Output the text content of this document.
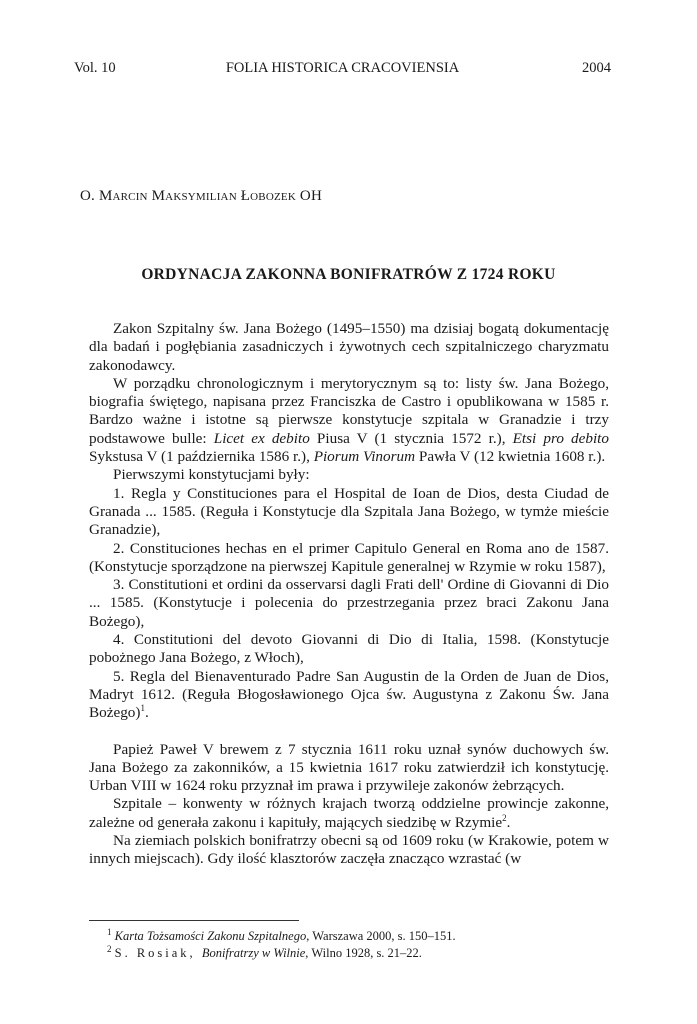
Vol. 10	FOLIA HISTORICA CRACOVIENSIA	2004
O. Marcin Maksymilian Łobozek OH
ORDYNACJA ZAKONNA BONIFRATRÓW Z 1724 ROKU

Zakon Szpitalny św. Jana Bożego (1495–1550) ma dzisiaj bogatą dokumentację dla badań i pogłębiania zasadniczych i żywotnych cech szpitalniczego charyzmatu zakonodawcy.

W porządku chronologicznym i merytorycznym są to: listy św. Jana Bożego, biografia świętego, napisana przez Franciszka de Castro i opublikowana w 1585 r. Bardzo ważne i istotne są pierwsze konstytucje szpitala w Granadzie i trzy podstawowe bulle: Licet ex debito Piusa V (1 stycznia 1572 r.), Etsi pro debito Sykstusa V (1 października 1586 r.), Piorum Vinorum Pawła V (12 kwietnia 1608 r.).

Pierwszymi konstytucjami były:

1. Regla y Constituciones para el Hospital de Ioan de Dios, desta Ciudad de Granada ... 1585. (Reguła i Konstytucje dla Szpitala Jana Bożego, w tymże mieście Granadzie),

2. Constituciones hechas en el primer Capitulo General en Roma ano de 1587. (Konstytucje sporządzone na pierwszej Kapitule generalnej w Rzymie w roku 1587),

3. Constitutioni et ordini da osservarsi dagli Frati dell' Ordine di Giovanni di Dio ... 1585. (Konstytucje i polecenia do przestrzegania przez braci Zakonu Jana Bożego),

4. Constitutioni del devoto Giovanni di Dio di Italia, 1598. (Konstytucje pobożnego Jana Bożego, z Włoch),

5. Regla del Bienaventurado Padre San Augustin de la Orden de Juan de Dios, Madryt 1612. (Reguła Błogosławionego Ojca św. Augustyna z Zakonu Św. Jana Bożego)$^1$.

Papież Paweł V brewem z 7 stycznia 1611 roku uznał synów duchowych św. Jana Bożego za zakonników, a 15 kwietnia 1617 roku zatwierdził ich konstytucję. Urban VIII w 1624 roku przyznał im prawa i przywileje zakonów żebrzących.

Szpitale – konwenty w różnych krajach tworzą oddzielne prowincje zakonne, zależne od generała zakonu i kapituły, mających siedzibę w Rzymie$^2$.

Na ziemiach polskich bonifratrzy obecni są od 1609 roku (w Krakowie, potem w innych miejscach). Gdy ilość klasztorów zaczęła znacząco wzrastać (w

$^1$ Karta Tożsamości Zakonu Szpitalnego, Warszawa 2000, s. 150–151.
$^2$ S. Rosiak, Bonifratrzy w Wilnie, Wilno 1928, s. 21–22.
